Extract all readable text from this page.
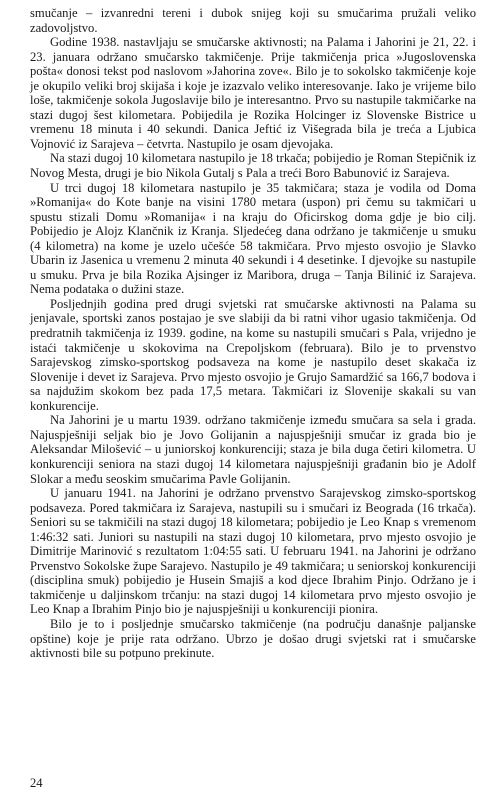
smučanje – izvanredni tereni i dubok snijeg koji su smučarima pružali veliko zadovoljstvo.

Godine 1938. nastavljaju se smučarske aktivnosti; na Palama i Jahorini je 21, 22. i 23. januara održano smučarsko takmičenje. Prije takmičenja prica »Jugoslovenska pošta« donosi tekst pod naslovom »Jahorina zove«. Bilo je to sokolsko takmičenje koje je okupilo veliki broj skijaša i koje je izazvalo veliko interesovanje. Iako je vrijeme bilo loše, takmičenje sokola Jugoslavije bilo je interesantno. Prvo su nastupile takmičarke na stazi dugoj šest kilometara. Pobijedila je Rozika Holcinger iz Slovenske Bistrice u vremenu 18 minuta i 40 sekundi. Danica Jeftić iz Višegrada bila je treća a Ljubica Vojnović iz Sarajeva – četvrta. Nastupilo je osam djevojaka.

Na stazi dugoj 10 kilometara nastupilo je 18 trkača; pobijedio je Roman Stepičnik iz Novog Mesta, drugi je bio Nikola Gutalj s Pala a treći Boro Babunović iz Sarajeva.

U trci dugoj 18 kilometara nastupilo je 35 takmičara; staza je vodila od Doma »Romanija« do Kote banje na visini 1780 metara (uspon) pri čemu su takmičari u spustu stizali Domu »Romanija« i na kraju do Oficirskog doma gdje je bio cilj. Pobijedio je Alojz Klančnik iz Kranja. Sljedećeg dana održano je takmičenje u smuku (4 kilometra) na kome je uzelo učešće 58 takmičara. Prvo mjesto osvojio je Slavko Ubarin iz Jasenica u vremenu 2 minuta 40 sekundi i 4 desetinke. I djevojke su nastupile u smuku. Prva je bila Rozika Ajsinger iz Maribora, druga – Tanja Bilinić iz Sarajeva. Nema podataka o dužini staze.

Posljednjih godina pred drugi svjetski rat smučarske aktivnosti na Palama su jenjavale, sportski zanos postajao je sve slabiji da bi ratni vihor ugasio takmičenja. Od predratnih takmičenja iz 1939. godine, na kome su nastupili smučari s Pala, vrijedno je istaći takmičenje u skokovima na Crepoljskom (februara). Bilo je to prvenstvo Sarajevskog zimsko-sportskog podsaveza na kome je nastupilo deset skakača iz Slovenije i devet iz Sarajeva. Prvo mjesto osvojio je Grujo Samardžić sa 166,7 bodova i sa najdužim skokom bez pada 17,5 metara. Takmičari iz Slovenije skakali su van konkurencije.

Na Jahorini je u martu 1939. održano takmičenje između smučara sa sela i grada. Najuspješniji seljak bio je Jovo Golijanin a najuspješniji smučar iz grada bio je Aleksandar Milošević – u juniorskoj konkurenciji; staza je bila duga četiri kilometra. U konkurenciji seniora na stazi dugoj 14 kilometara najuspješniji građanin bio je Adolf Slokar a među seoskim smučarima Pavle Golijanin.

U januaru 1941. na Jahorini je održano prvenstvo Sarajevskog zimsko-sportskog podsaveza. Pored takmičara iz Sarajeva, nastupili su i smučari iz Beograda (16 trkača). Seniori su se takmičili na stazi dugoj 18 kilometara; pobijedio je Leo Knap s vremenom 1:46:32 sati. Juniori su nastupili na stazi dugoj 10 kilometara, prvo mjesto osvojio je Dimitrije Marinović s rezultatom 1:04:55 sati. U februaru 1941. na Jahorini je održano Prvenstvo Sokolske župe Sarajevo. Nastupilo je 49 takmičara; u seniorskoj konkurenciji (disciplina smuk) pobijedio je Husein Smajiš a kod djece Ibrahim Pinjo. Održano je i takmičenje u daljinskom trčanju: na stazi dugoj 14 kilometara prvo mjesto osvojio je Leo Knap a Ibrahim Pinjo bio je najuspješniji u konkurenciji pionira.

Bilo je to i posljednje smučarsko takmičenje (na području današnje paljanske opštine) koje je prije rata održano. Ubrzo je došao drugi svjetski rat i smučarske aktivnosti bile su potpuno prekinute.

24
